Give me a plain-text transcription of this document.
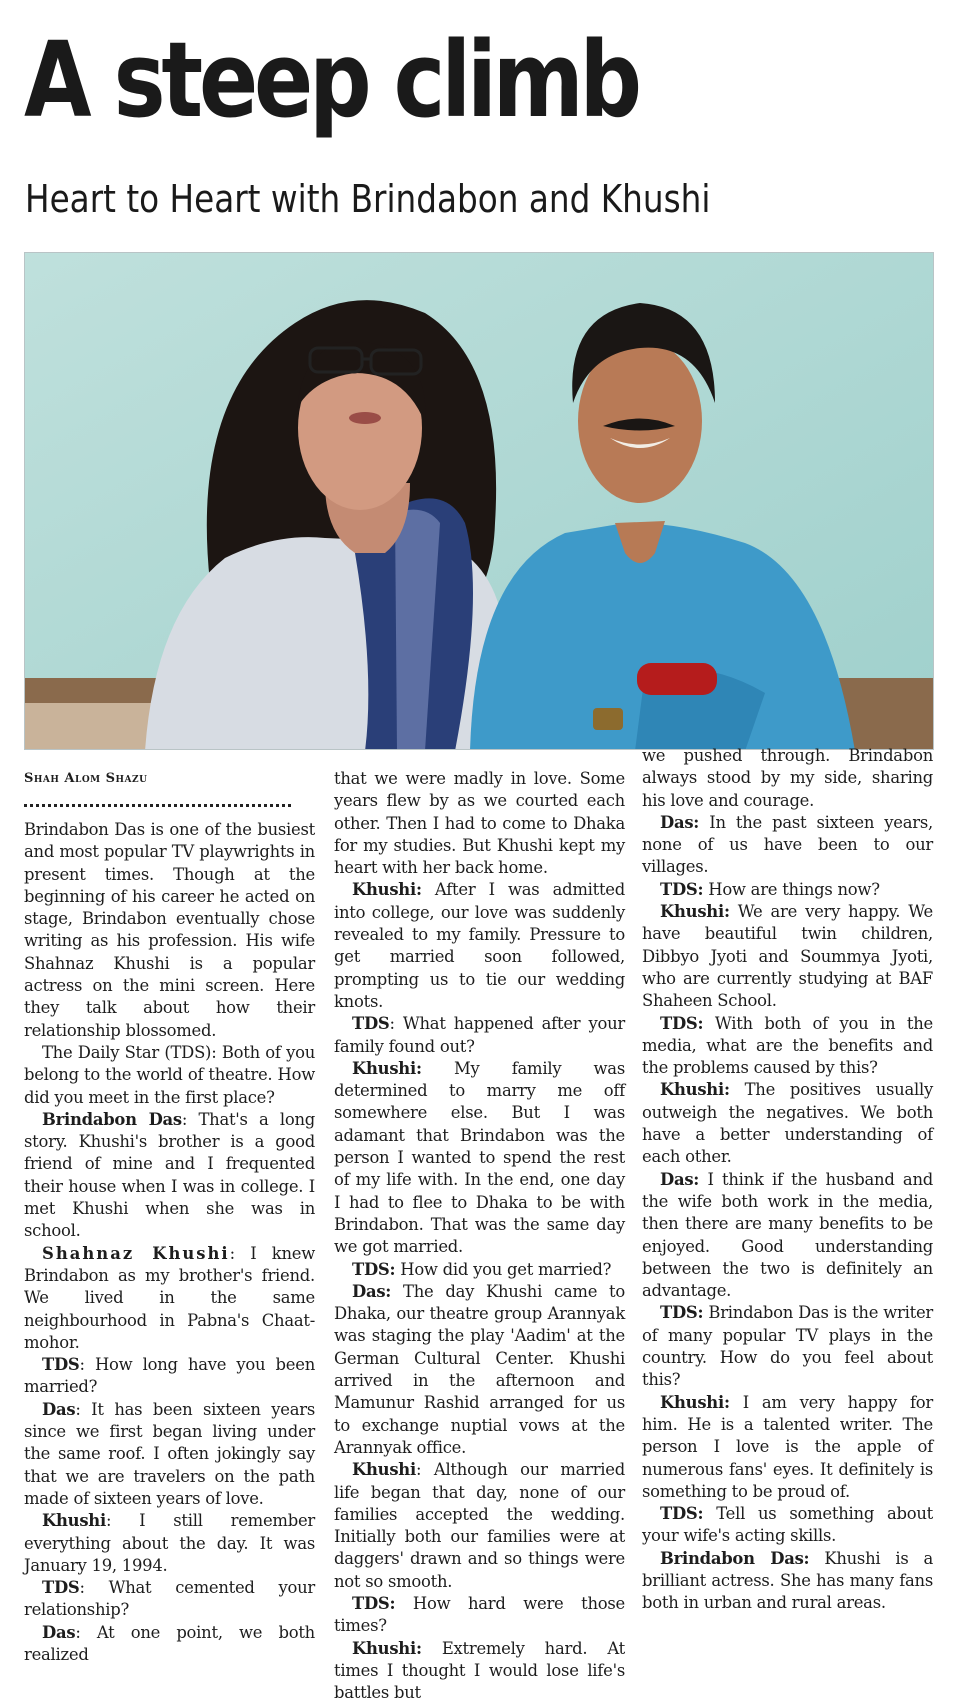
A steep climb
Heart to Heart with Brindabon and Khushi

Shah Alom Shazu

Brindabon Das is one of the busiest and most popular TV playwrights in present times. Though at the beginning of his career he acted on stage, Brindabon eventually chose writing as his profession. His wife Shahnaz Khushi is a popular actress on the mini screen. Here they talk about how their relationship blossomed.

The Daily Star (TDS): Both of you belong to the world of theatre. How did you meet in the first place?

Brindabon Das: That's a long story. Khushi's brother is a good friend of mine and I frequented their house when I was in college. I met Khushi when she was in school.

Shahnaz Khushi: I knew Brindabon as my brother's friend. We lived in the same neighbourhood in Pabna's Chaat-mohor.

TDS: How long have you been married?

Das: It has been sixteen years since we first began living under the same roof. I often jokingly say that we are travelers on the path made of sixteen years of love.

Khushi: I still remember everything about the day. It was January 19, 1994.

TDS: What cemented your relationship?

Das: At one point, we both realized

that we were madly in love. Some years flew by as we courted each other. Then I had to come to Dhaka for my studies. But Khushi kept my heart with her back home.

Khushi: After I was admitted into college, our love was suddenly revealed to my family. Pressure to get married soon followed, prompting us to tie our wedding knots.

TDS: What happened after your family found out?

Khushi: My family was determined to marry me off somewhere else. But I was adamant that Brindabon was the person I wanted to spend the rest of my life with. In the end, one day I had to flee to Dhaka to be with Brindabon. That was the same day we got married.

TDS: How did you get married?

Das: The day Khushi came to Dhaka, our theatre group Arannyak was staging the play 'Aadim' at the German Cultural Center. Khushi arrived in the afternoon and Mamunur Rashid arranged for us to exchange nuptial vows at the Arannyak office.

Khushi: Although our married life began that day, none of our families accepted the wedding. Initially both our families were at daggers' drawn and so things were not so smooth.

TDS: How hard were those times?

Khushi: Extremely hard. At times I thought I would lose life's battles but

we pushed through. Brindabon always stood by my side, sharing his love and courage.

Das: In the past sixteen years, none of us have been to our villages.

TDS: How are things now?

Khushi: We are very happy. We have beautiful twin children, Dibbyo Jyoti and Soummya Jyoti, who are currently studying at BAF Shaheen School.

TDS: With both of you in the media, what are the benefits and the problems caused by this?

Khushi: The positives usually outweigh the negatives. We both have a better understanding of each other.

Das: I think if the husband and the wife both work in the media, then there are many benefits to be enjoyed. Good understanding between the two is definitely an advantage.

TDS: Brindabon Das is the writer of many popular TV plays in the country. How do you feel about this?

Khushi: I am very happy for him. He is a talented writer. The person I love is the apple of numerous fans' eyes. It definitely is something to be proud of.

TDS: Tell us something about your wife's acting skills.

Brindabon Das: Khushi is a brilliant actress. She has many fans both in urban and rural areas.
